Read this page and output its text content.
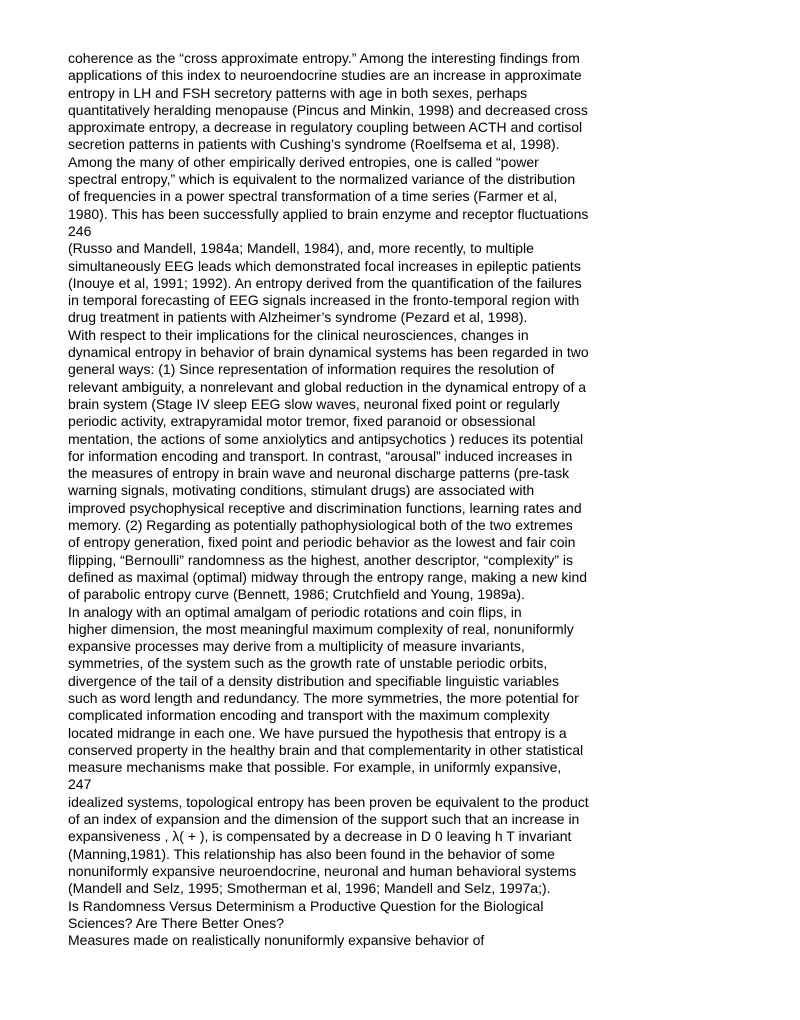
coherence as the “cross approximate entropy.” Among the interesting findings from
applications of this index to neuroendocrine studies are an increase in approximate
entropy in LH and FSH secretory patterns with age in both sexes, perhaps
quantitatively heralding menopause (Pincus and Minkin, 1998) and decreased cross
approximate entropy, a decrease in regulatory coupling between ACTH and cortisol
secretion patterns in patients with Cushing’s syndrome (Roelfsema et al, 1998).
Among the many of other empirically derived entropies, one is called “power
spectral entropy,” which is equivalent to the normalized variance of the distribution
of frequencies in a power spectral transformation of a time series (Farmer et al,
1980). This has been successfully applied to brain enzyme and receptor fluctuations
246
(Russo and Mandell, 1984a; Mandell, 1984), and, more recently, to multiple
simultaneously EEG leads which demonstrated focal increases in epileptic patients
(Inouye et al, 1991; 1992). An entropy derived from the quantification of the failures
in temporal forecasting of EEG signals increased in the fronto-temporal region with
drug treatment in patients with Alzheimer’s syndrome (Pezard et al, 1998).
With respect to their implications for the clinical neurosciences, changes in
dynamical entropy in behavior of brain dynamical systems has been regarded in two
general ways: (1) Since representation of information requires the resolution of
relevant ambiguity, a nonrelevant and global reduction in the dynamical entropy of a
brain system (Stage IV sleep EEG slow waves, neuronal fixed point or regularly
periodic activity, extrapyramidal motor tremor, fixed paranoid or obsessional
mentation, the actions of some anxiolytics and antipsychotics ) reduces its potential
for information encoding and transport. In contrast, “arousal” induced increases in
the measures of entropy in brain wave and neuronal discharge patterns (pre-task
warning signals, motivating conditions, stimulant drugs) are associated with
improved psychophysical receptive and discrimination functions, learning rates and
memory. (2) Regarding as potentially pathophysiological both of the two extremes
of entropy generation, fixed point and periodic behavior as the lowest and fair coin
flipping, “Bernoulli” randomness as the highest, another descriptor, “complexity” is
defined as maximal (optimal) midway through the entropy range, making a new kind
of parabolic entropy curve (Bennett, 1986; Crutchfield and Young, 1989a).
In analogy with an optimal amalgam of periodic rotations and coin flips, in
higher dimension, the most meaningful maximum complexity of real, nonuniformly
expansive processes may derive from a multiplicity of measure invariants,
symmetries, of the system such as the growth rate of unstable periodic orbits,
divergence of the tail of a density distribution and specifiable linguistic variables
such as word length and redundancy. The more symmetries, the more potential for
complicated information encoding and transport with the maximum complexity
located midrange in each one. We have pursued the hypothesis that entropy is a
conserved property in the healthy brain and that complementarity in other statistical
measure mechanisms make that possible. For example, in uniformly expansive,
247
idealized systems, topological entropy has been proven be equivalent to the product
of an index of expansion and the dimension of the support such that an increase in
expansiveness , λ( + ), is compensated by a decrease in D 0 leaving h T invariant
(Manning,1981). This relationship has also been found in the behavior of some
nonuniformly expansive neuroendocrine, neuronal and human behavioral systems
(Mandell and Selz, 1995; Smotherman et al, 1996; Mandell and Selz, 1997a;).
Is Randomness Versus Determinism a Productive Question for the Biological
Sciences? Are There Better Ones?
Measures made on realistically nonuniformly expansive behavior of
